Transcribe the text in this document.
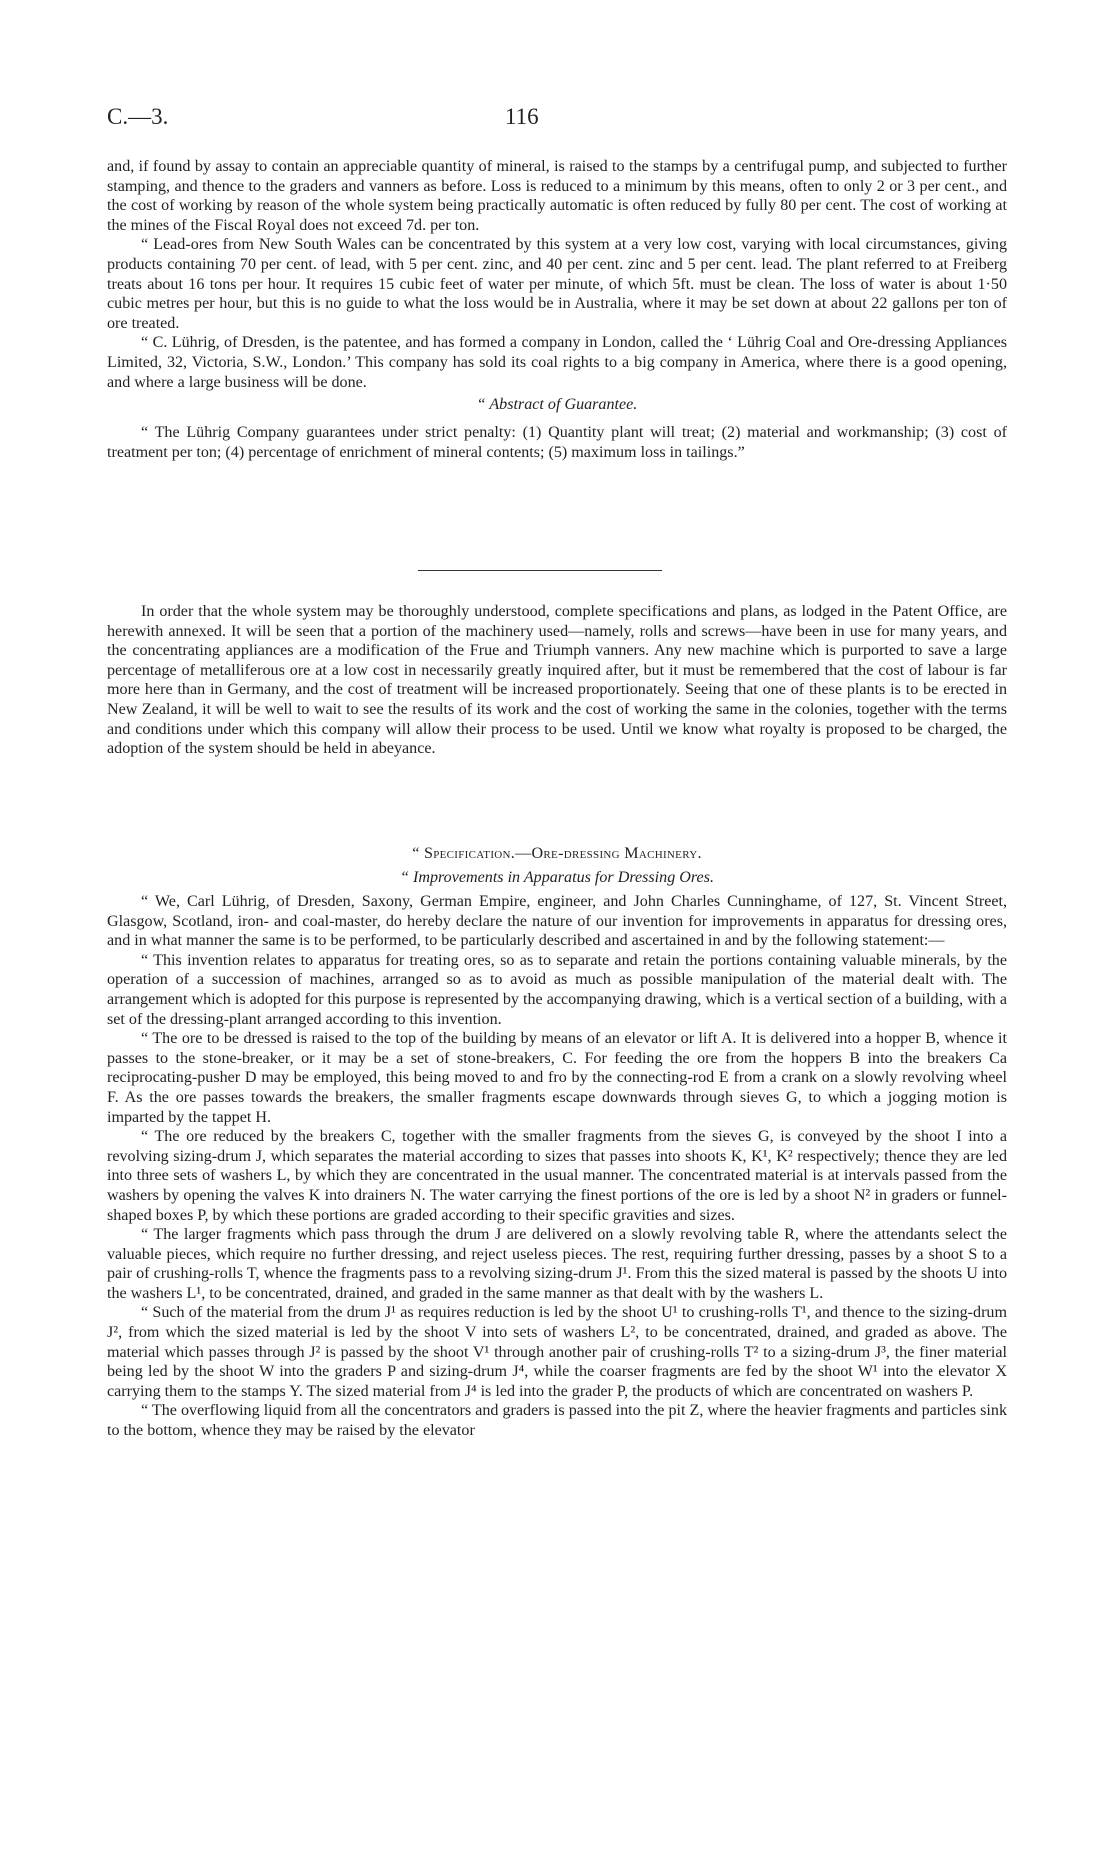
C.—3.	116

and, if found by assay to contain an appreciable quantity of mineral, is raised to the stamps by a centrifugal pump, and subjected to further stamping, and thence to the graders and vanners as before. Loss is reduced to a minimum by this means, often to only 2 or 3 per cent., and the cost of working by reason of the whole system being practically automatic is often reduced by fully 80 per cent. The cost of working at the mines of the Fiscal Royal does not exceed 7d. per ton.

“ Lead-ores from New South Wales can be concentrated by this system at a very low cost, varying with local circumstances, giving products containing 70 per cent. of lead, with 5 per cent. zinc, and 40 per cent. zinc and 5 per cent. lead. The plant referred to at Freiberg treats about 16 tons per hour. It requires 15 cubic feet of water per minute, of which 5ft. must be clean. The loss of water is about 1·50 cubic metres per hour, but this is no guide to what the loss would be in Australia, where it may be set down at about 22 gallons per ton of ore treated.

“ C. Lührig, of Dresden, is the patentee, and has formed a company in London, called the ‘ Lührig Coal and Ore-dressing Appliances Limited, 32, Victoria, S.W., London.’ This company has sold its coal rights to a big company in America, where there is a good opening, and where a large business will be done.

“ Abstract of Guarantee.

“ The Lührig Company guarantees under strict penalty: (1) Quantity plant will treat; (2) material and workmanship; (3) cost of treatment per ton; (4) percentage of enrichment of mineral contents; (5) maximum loss in tailings.”

In order that the whole system may be thoroughly understood, complete specifications and plans, as lodged in the Patent Office, are herewith annexed. It will be seen that a portion of the machinery used—namely, rolls and screws—have been in use for many years, and the concentrating appliances are a modification of the Frue and Triumph vanners. Any new machine which is purported to save a large percentage of metalliferous ore at a low cost in necessarily greatly inquired after, but it must be remembered that the cost of labour is far more here than in Germany, and the cost of treatment will be increased proportionately. Seeing that one of these plants is to be erected in New Zealand, it will be well to wait to see the results of its work and the cost of working the same in the colonies, together with the terms and conditions under which this company will allow their process to be used. Until we know what royalty is proposed to be charged, the adoption of the system should be held in abeyance.

“ Specification.—Ore-dressing Machinery.

“ Improvements in Apparatus for Dressing Ores.

“ We, Carl Lührig, of Dresden, Saxony, German Empire, engineer, and John Charles Cunninghame, of 127, St. Vincent Street, Glasgow, Scotland, iron- and coal-master, do hereby declare the nature of our invention for improvements in apparatus for dressing ores, and in what manner the same is to be performed, to be particularly described and ascertained in and by the following statement:—

“ This invention relates to apparatus for treating ores, so as to separate and retain the portions containing valuable minerals, by the operation of a succession of machines, arranged so as to avoid as much as possible manipulation of the material dealt with. The arrangement which is adopted for this purpose is represented by the accompanying drawing, which is a vertical section of a building, with a set of the dressing-plant arranged according to this invention.

“ The ore to be dressed is raised to the top of the building by means of an elevator or lift A. It is delivered into a hopper B, whence it passes to the stone-breaker, or it may be a set of stone-breakers, C. For feeding the ore from the hoppers B into the breakers Ca reciprocating-pusher D may be employed, this being moved to and fro by the connecting-rod E from a crank on a slowly revolving wheel F. As the ore passes towards the breakers, the smaller fragments escape downwards through sieves G, to which a jogging motion is imparted by the tappet H.

“ The ore reduced by the breakers C, together with the smaller fragments from the sieves G, is conveyed by the shoot I into a revolving sizing-drum J, which separates the material according to sizes that passes into shoots K, K¹, K² respectively; thence they are led into three sets of washers L, by which they are concentrated in the usual manner. The concentrated material is at intervals passed from the washers by opening the valves K into drainers N. The water carrying the finest portions of the ore is led by a shoot N² in graders or funnel-shaped boxes P, by which these portions are graded according to their specific gravities and sizes.

“ The larger fragments which pass through the drum J are delivered on a slowly revolving table R, where the attendants select the valuable pieces, which require no further dressing, and reject useless pieces. The rest, requiring further dressing, passes by a shoot S to a pair of crushing-rolls T, whence the fragments pass to a revolving sizing-drum J¹. From this the sized materal is passed by the shoots U into the washers L¹, to be concentrated, drained, and graded in the same manner as that dealt with by the washers L.

“ Such of the material from the drum J¹ as requires reduction is led by the shoot U¹ to crushing-rolls T¹, and thence to the sizing-drum J², from which the sized material is led by the shoot V into sets of washers L², to be concentrated, drained, and graded as above. The material which passes through J² is passed by the shoot V¹ through another pair of crushing-rolls T² to a sizing-drum J³, the finer material being led by the shoot W into the graders P and sizing-drum J⁴, while the coarser fragments are fed by the shoot W¹ into the elevator X carrying them to the stamps Y. The sized material from J⁴ is led into the grader P, the products of which are concentrated on washers P.

“ The overflowing liquid from all the concentrators and graders is passed into the pit Z, where the heavier fragments and particles sink to the bottom, whence they may be raised by the elevator
